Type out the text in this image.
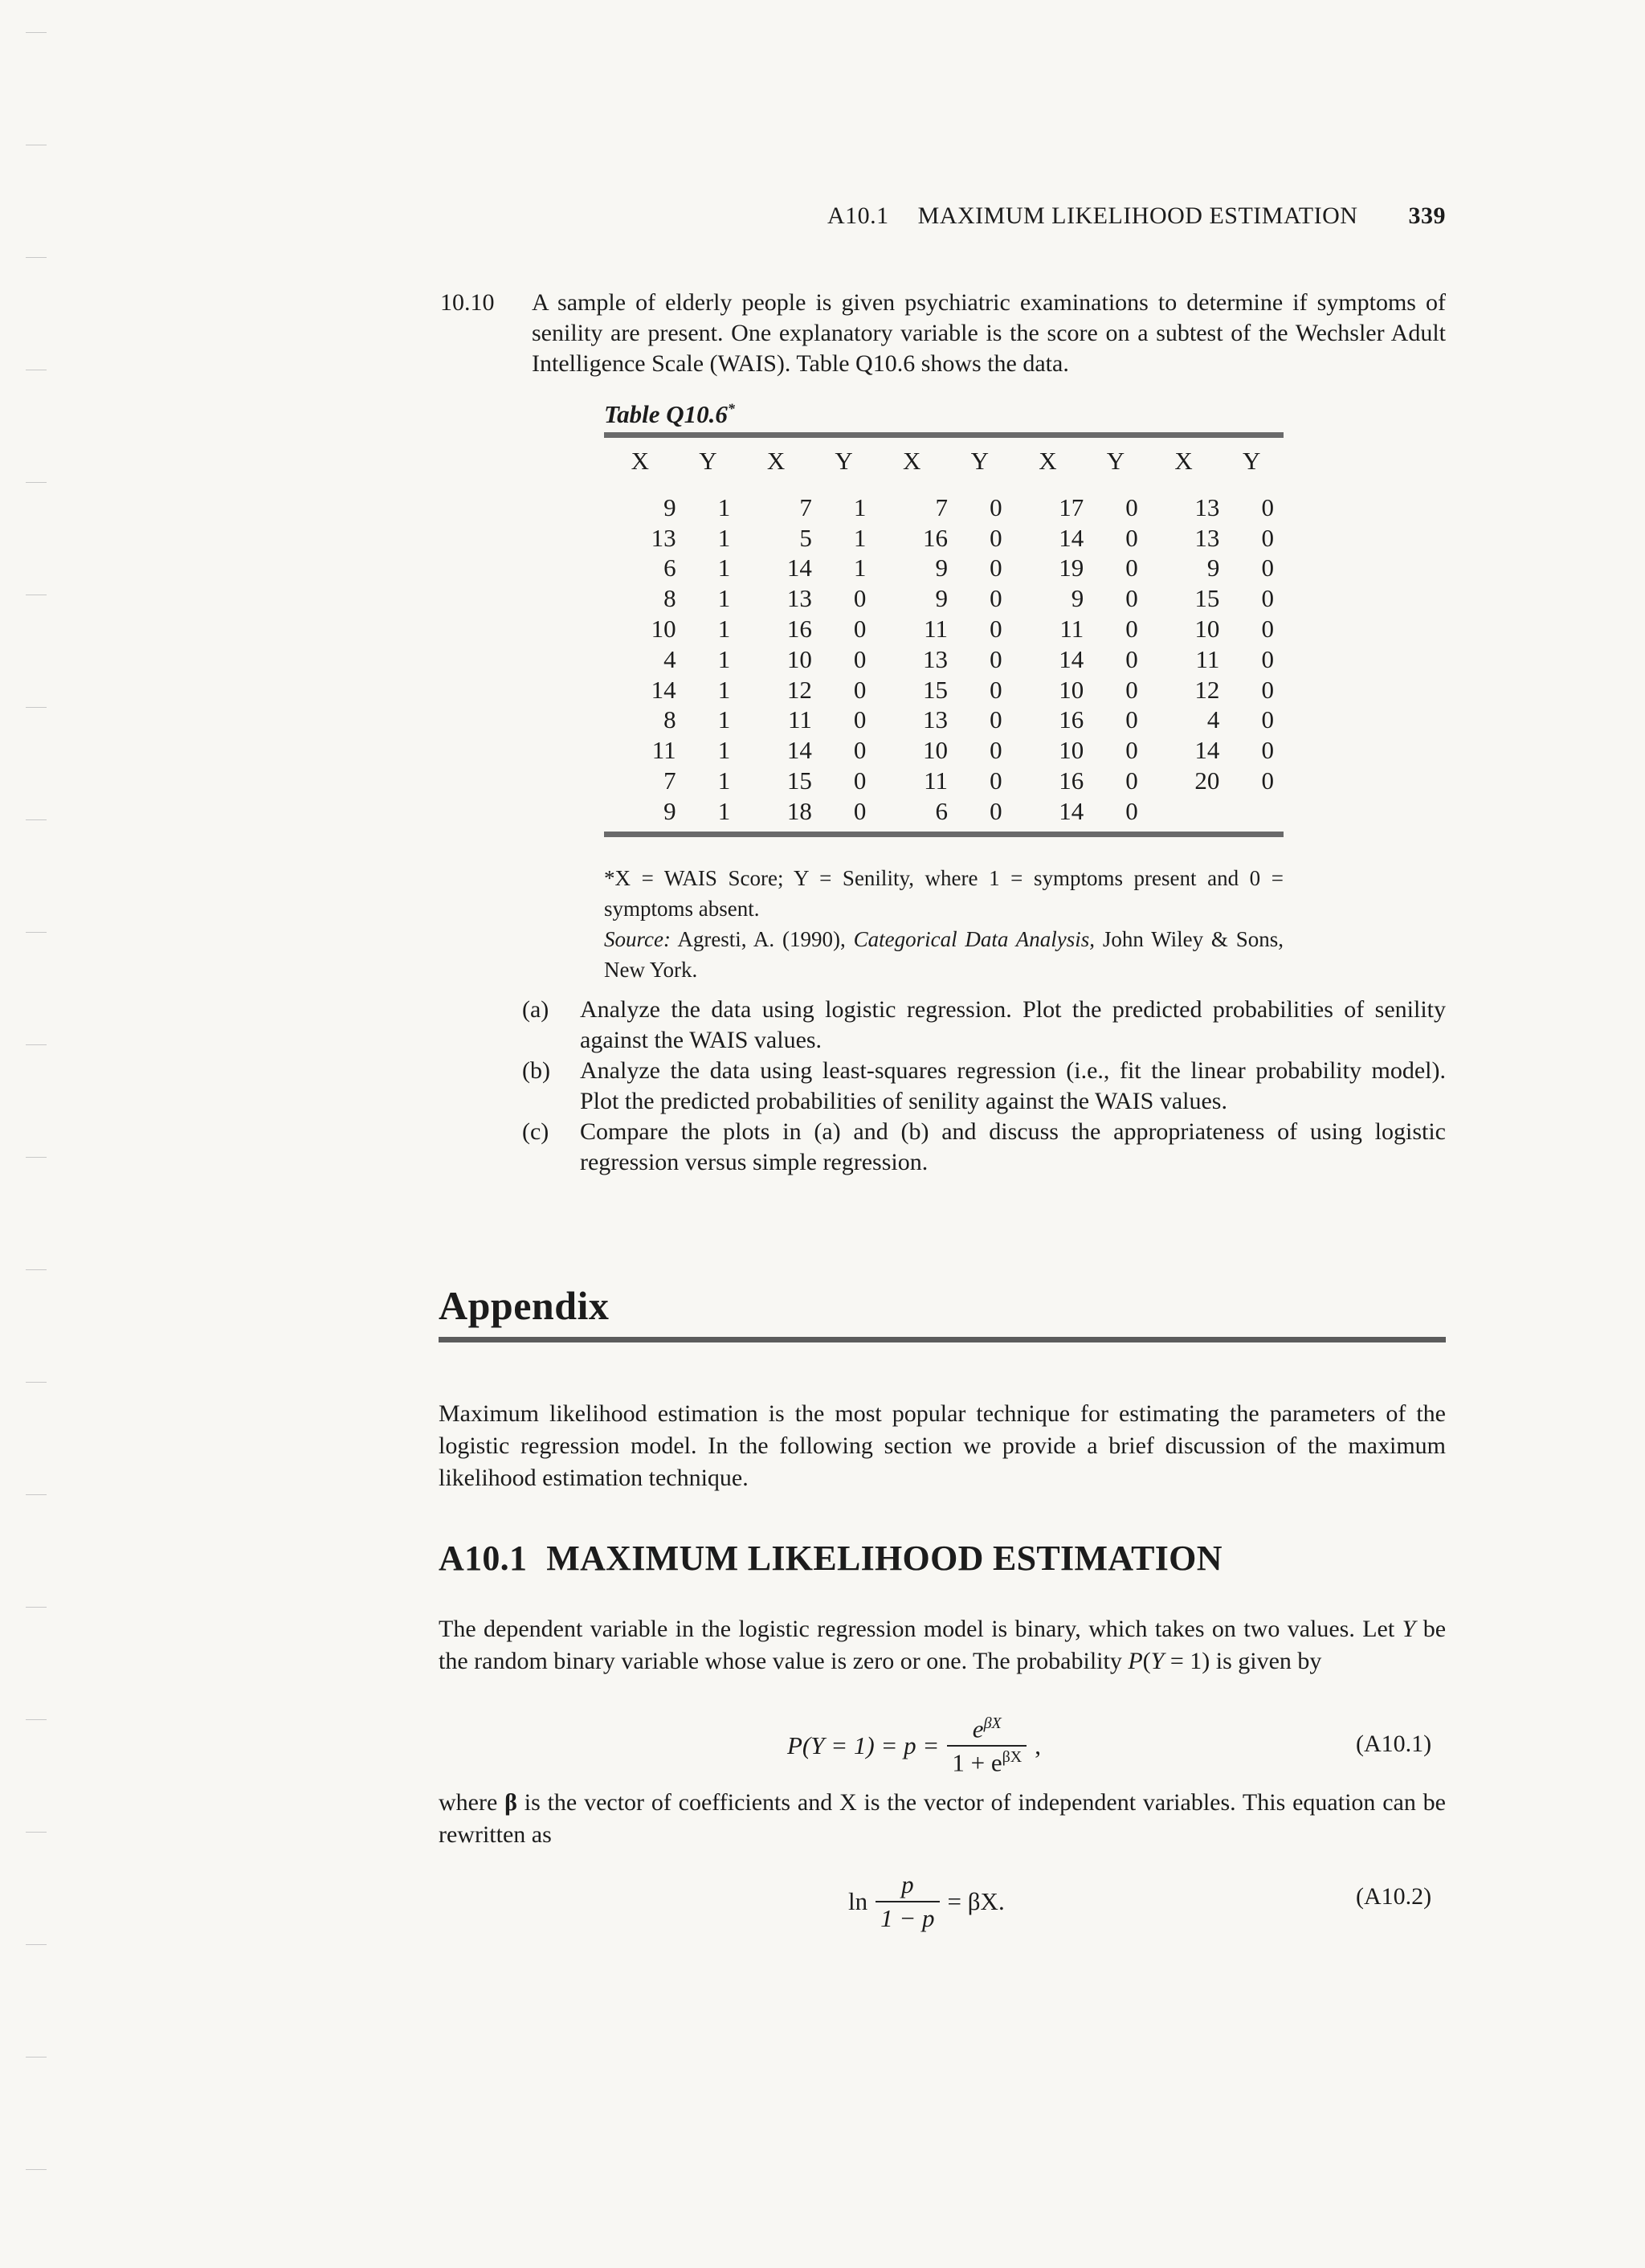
A10.1 MAXIMUM LIKELIHOOD ESTIMATION 339
10.10 A sample of elderly people is given psychiatric examinations to determine if symptoms of senility are present. One explanatory variable is the score on a subtest of the Wechsler Adult Intelligence Scale (WAIS). Table Q10.6 shows the data.
Table Q10.6*
X	Y	X	Y	X	Y	X	Y	X	Y
9	1	7	1	7	0	17	0	13	0
13	1	5	1	16	0	14	0	13	0
6	1	14	1	9	0	19	0	9	0
8	1	13	0	9	0	9	0	15	0
10	1	16	0	11	0	11	0	10	0
4	1	10	0	13	0	14	0	11	0
14	1	12	0	15	0	10	0	12	0
8	1	11	0	13	0	16	0	4	0
11	1	14	0	10	0	10	0	14	0
7	1	15	0	11	0	16	0	20	0
9	1	18	0	6	0	14	0		

*X = WAIS Score; Y = Senility, where 1 = symptoms present and 0 = symptoms absent.

Source: Agresti, A. (1990), Categorical Data Analysis, John Wiley & Sons, New York.

(a) Analyze the data using logistic regression. Plot the predicted probabilities of senility against the WAIS values.
(b) Analyze the data using least-squares regression (i.e., fit the linear probability model). Plot the predicted probabilities of senility against the WAIS values.
(c) Compare the plots in (a) and (b) and discuss the appropriateness of using logistic regression versus simple regression.
Appendix
Maximum likelihood estimation is the most popular technique for estimating the parameters of the logistic regression model. In the following section we provide a brief discussion of the maximum likelihood estimation technique.
A10.1 MAXIMUM LIKELIHOOD ESTIMATION
The dependent variable in the logistic regression model is binary, which takes on two values. Let Y be the random binary variable whose value is zero or one. The probability P(Y = 1) is given by
$P(Y = 1) = p = \frac{e^{\beta X}}{1 + e^{\beta X}}$ ,	(A10.1)
where β is the vector of coefficients and X is the vector of independent variables. This equation can be rewritten as
$\ln \frac{p}{1 - p} = \beta X$.	(A10.2)
